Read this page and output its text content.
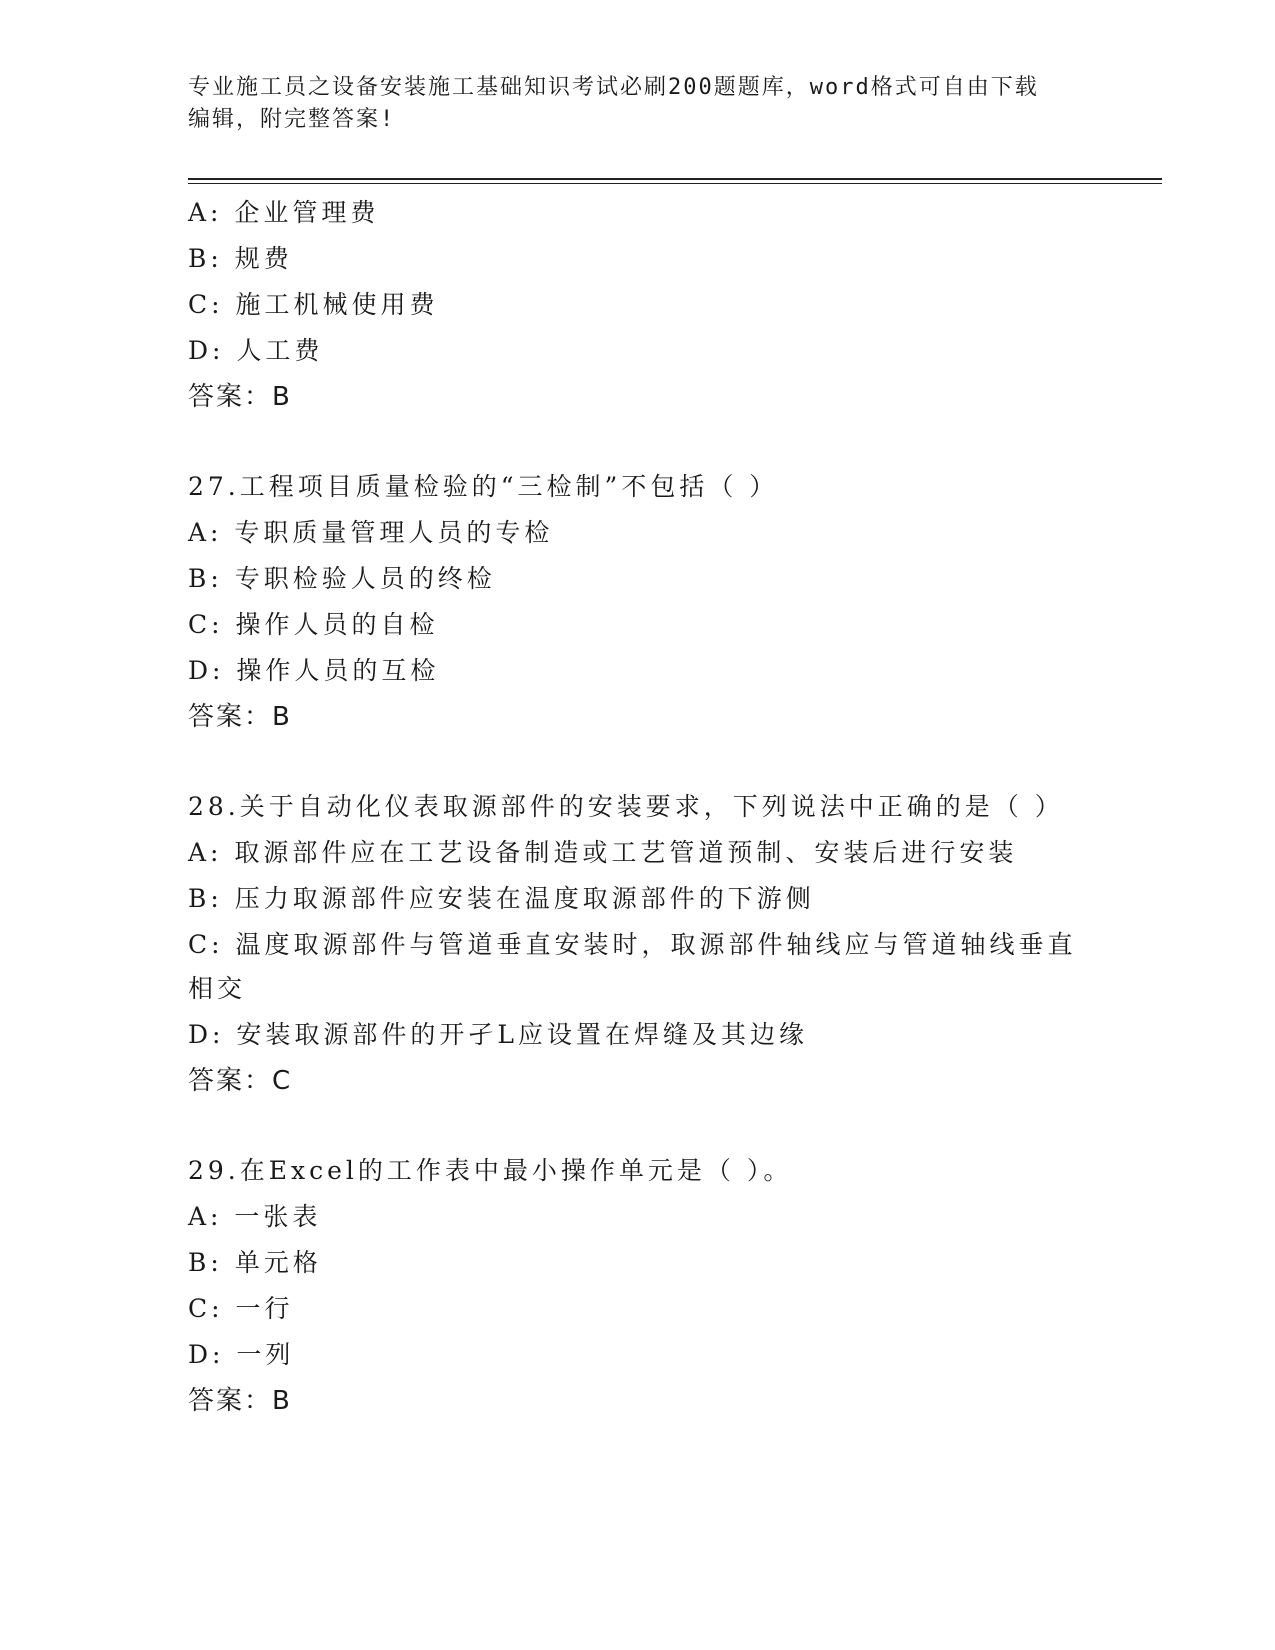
专业施工员之设备安装施工基础知识考试必刷200题题库，word格式可自由下载
编辑，附完整答案!
A: 企业管理费
B: 规费
C: 施工机械使用费
D: 人工费
答案：B
27.工程项目质量检验的“三检制”不包括（ ）
A: 专职质量管理人员的专检
B: 专职检验人员的终检
C: 操作人员的自检
D: 操作人员的互检
答案：B
28.关于自动化仪表取源部件的安装要求，下列说法中正确的是（ ）
A: 取源部件应在工艺设备制造或工艺管道预制、安装后进行安装
B: 压力取源部件应安装在温度取源部件的下游侧
C: 温度取源部件与管道垂直安装时，取源部件轴线应与管道轴线垂直
相交
D: 安装取源部件的开孑L应设置在焊缝及其边缘
答案：C
29.在Excel的工作表中最小操作单元是（ ）。
A: 一张表
B: 单元格
C: 一行
D: 一列
答案：B
